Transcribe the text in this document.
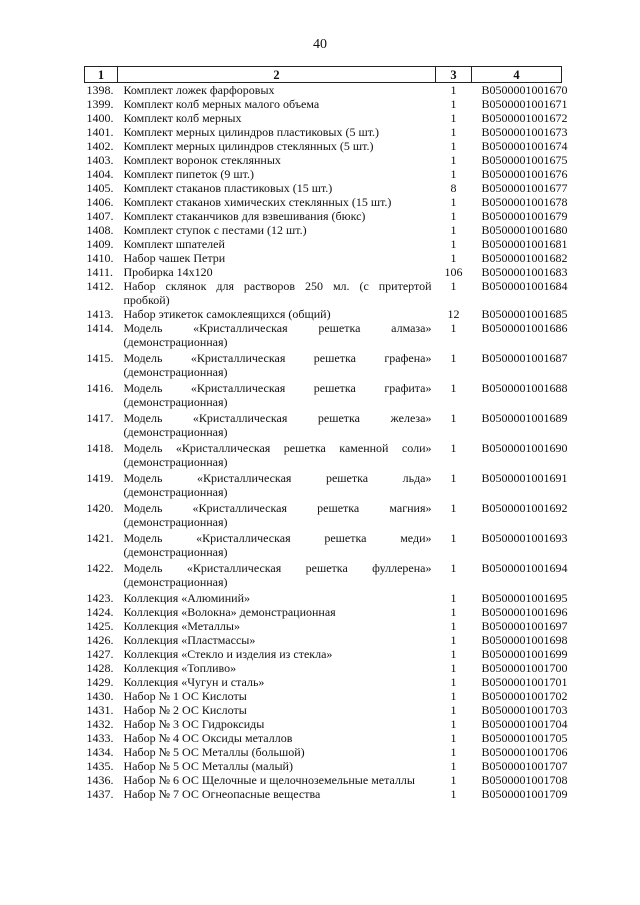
40
1	2	3	4
1398.	Комплект ложек фарфоровых	1	В0500001001670
1399.	Комплект колб мерных малого объема	1	В0500001001671
1400.	Комплект колб мерных	1	В0500001001672
1401.	Комплект мерных цилиндров пластиковых (5 шт.)	1	В0500001001673
1402.	Комплект мерных цилиндров стеклянных (5 шт.)	1	В0500001001674
1403.	Комплект воронок стеклянных	1	В0500001001675
1404.	Комплект пипеток (9 шт.)	1	В0500001001676
1405.	Комплект стаканов пластиковых (15 шт.)	8	В0500001001677
1406.	Комплект стаканов химических стеклянных (15 шт.)	1	В0500001001678
1407.	Комплект стаканчиков для взвешивания (бюкс)	1	В0500001001679
1408.	Комплект ступок с пестами (12 шт.)	1	В0500001001680
1409.	Комплект шпателей	1	В0500001001681
1410.	Набор чашек Петри	1	В0500001001682
1411.	Пробирка 14х120	106	В0500001001683
1412.	Набор склянок для растворов 250 мл. (с притертой пробкой)	1	В0500001001684
1413.	Набор этикеток самоклеящихся (общий)	12	В0500001001685
1414.	Модель «Кристаллическая решетка алмаза» (демонстрационная)	1	В0500001001686
1415.	Модель «Кристаллическая решетка графена» (демонстрационная)	1	В0500001001687
1416.	Модель «Кристаллическая решетка графита» (демонстрационная)	1	В0500001001688
1417.	Модель «Кристаллическая решетка железа» (демонстрационная)	1	В0500001001689
1418.	Модель «Кристаллическая решетка каменной соли» (демонстрационная)	1	В0500001001690
1419.	Модель «Кристаллическая решетка льда» (демонстрационная)	1	В0500001001691
1420.	Модель «Кристаллическая решетка магния» (демонстрационная)	1	В0500001001692
1421.	Модель «Кристаллическая решетка меди» (демонстрационная)	1	В0500001001693
1422.	Модель «Кристаллическая решетка фуллерена» (демонстрационная)	1	В0500001001694
1423.	Коллекция «Алюминий»	1	В0500001001695
1424.	Коллекция «Волокна» демонстрационная	1	В0500001001696
1425.	Коллекция «Металлы»	1	В0500001001697
1426.	Коллекция «Пластмассы»	1	В0500001001698
1427.	Коллекция «Стекло и изделия из стекла»	1	В0500001001699
1428.	Коллекция «Топливо»	1	В0500001001700
1429.	Коллекция «Чугун и сталь»	1	В0500001001701
1430.	Набор № 1 ОС Кислоты	1	В0500001001702
1431.	Набор № 2 ОС Кислоты	1	В0500001001703
1432.	Набор № 3 ОС Гидроксиды	1	В0500001001704
1433.	Набор № 4 ОС Оксиды металлов	1	В0500001001705
1434.	Набор № 5 ОС Металлы (большой)	1	В0500001001706
1435.	Набор № 5 ОС Металлы (малый)	1	В0500001001707
1436.	Набор № 6 ОС Щелочные и щелочноземельные металлы	1	В0500001001708
1437.	Набор № 7 ОС Огнеопасные вещества	1	В0500001001709
